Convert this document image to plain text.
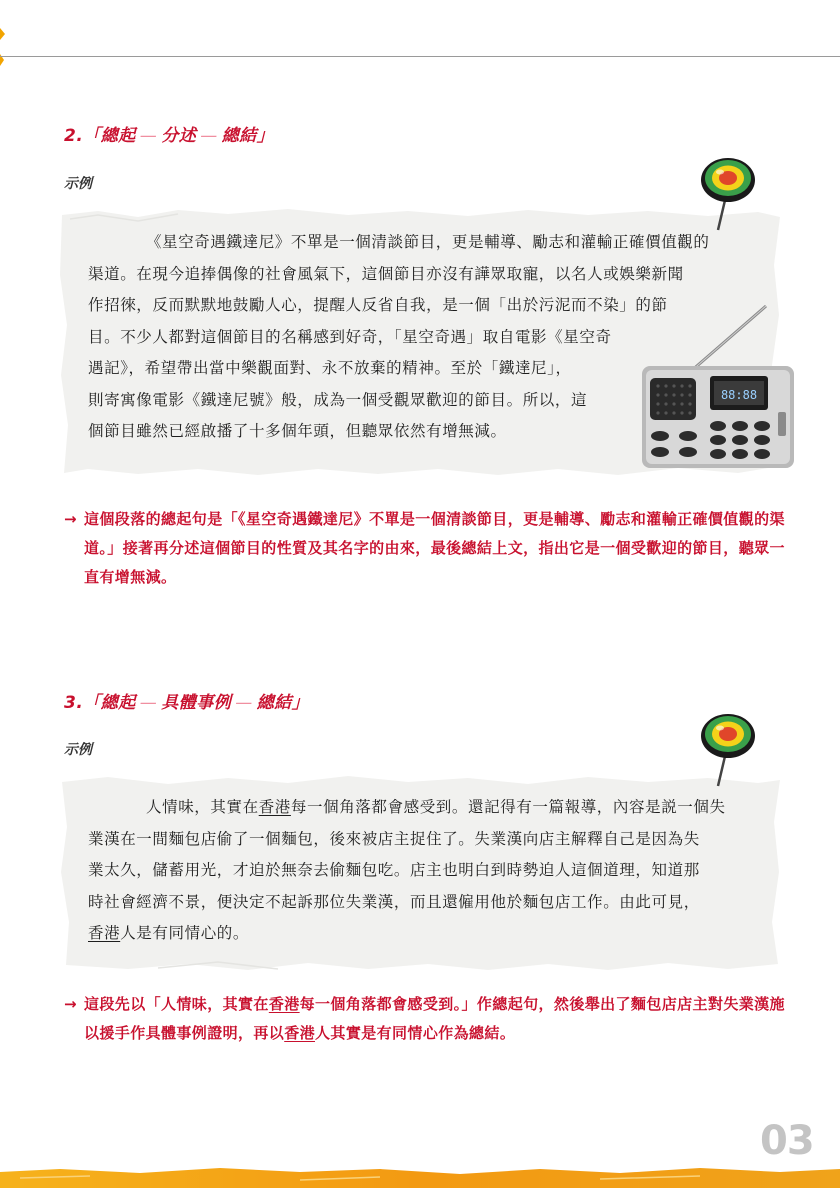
2.「總起 — 分述 — 總結」
示例

《星空奇遇鐵達尼》不單是一個清談節目，更是輔導、勵志和灌輸正確價值觀的

渠道。在現今追捧偶像的社會風氣下，這個節目亦沒有譁眾取寵，以名人或娛樂新聞

作招徠，反而默默地鼓勵人心，提醒人反省自我，是一個「出於污泥而不染」的節

目。不少人都對這個節目的名稱感到好奇，「星空奇遇」取自電影《星空奇

遇記》，希望帶出當中樂觀面對、永不放棄的精神。至於「鐵達尼」，

則寄寓像電影《鐵達尼號》般，成為一個受觀眾歡迎的節目。所以，這

個節目雖然已經啟播了十多個年頭，但聽眾依然有增無減。

88:88
→ 這個段落的總起句是「《星空奇遇鐵達尼》不單是一個清談節目，更是輔導、勵志和灌輸正確價值觀的渠道。」接著再分述這個節目的性質及其名字的由來，最後總結上文，指出它是一個受歡迎的節目，聽眾一直有增無減。
3.「總起 — 具體事例 — 總結」
示例

人情味，其實在香港每一個角落都會感受到。還記得有一篇報導，內容是説一個失

業漢在一間麵包店偷了一個麵包，後來被店主捉住了。失業漢向店主解釋自己是因為失

業太久，儲蓄用光，才迫於無奈去偷麵包吃。店主也明白到時勢迫人這個道理，知道那

時社會經濟不景，便決定不起訴那位失業漢，而且還僱用他於麵包店工作。由此可見，

香港人是有同情心的。

→ 這段先以「人情味，其實在香港每一個角落都會感受到。」作總起句，然後舉出了麵包店店主對失業漢施以援手作具體事例證明，再以香港人其實是有同情心作為總結。
03
